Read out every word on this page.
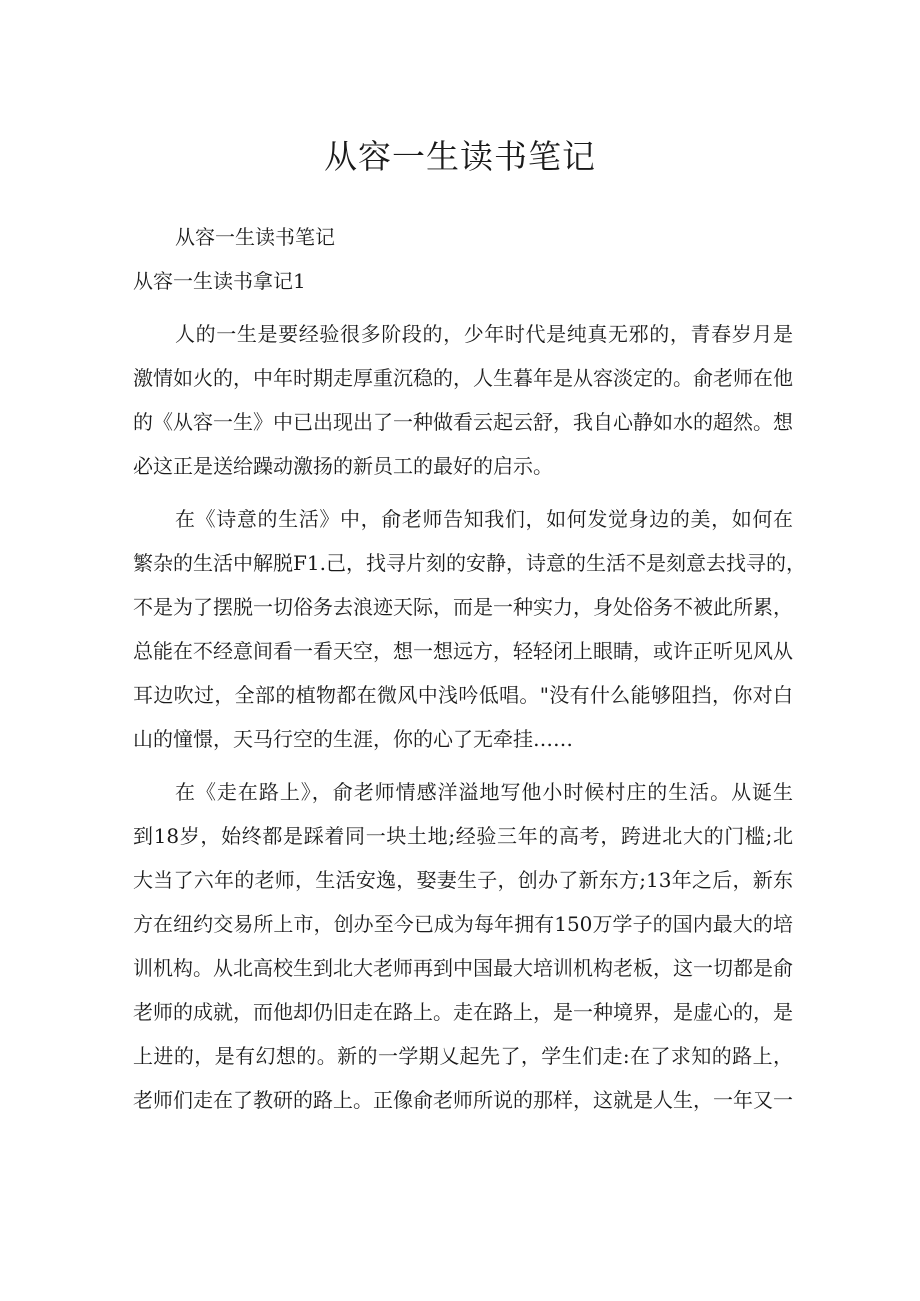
从容一生读书笔记
从容一生读书笔记
从容一生读书拿记1
人的一生是要经验很多阶段的，少年时代是纯真无邪的，青春岁月是
激情如火的，中年时期走厚重沉稳的，人生暮年是从容淡定的。俞老师在他
的《从容一生》中已出现出了一种做看云起云舒，我自心静如水的超然。想
必这正是送给躁动激扬的新员工的最好的启示。
在《诗意的生活》中，俞老师告知我们，如何发觉身边的美，如何在
繁杂的生活中解脱F1.己，找寻片刻的安静，诗意的生活不是刻意去找寻的，
不是为了摆脱一切俗务去浪迹天际，而是一种实力，身处俗务不被此所累，
总能在不经意间看一看天空，想一想远方，轻轻闭上眼睛，或许正听见风从
耳边吹过，全部的植物都在微风中浅吟低唱。"没有什么能够阻挡，你对白
山的憧憬，天马行空的生涯，你的心了无牵挂……
在《走在路上》，俞老师情感洋溢地写他小时候村庄的生活。从诞生
到18岁，始终都是踩着同一块土地;经验三年的高考，跨进北大的门槛;北
大当了六年的老师，生活安逸，娶妻生子，创办了新东方;13年之后，新东
方在纽约交易所上市，创办至今已成为每年拥有150万学子的国内最大的培
训机构。从北高校生到北大老师再到中国最大培训机构老板，这一切都是俞
老师的成就，而他却仍旧走在路上。走在路上，是一种境界，是虚心的，是
上进的，是有幻想的。新的一学期乂起先了，学生们走:在了求知的路上，
老师们走在了教研的路上。正像俞老师所说的那样，这就是人生，一年又一
